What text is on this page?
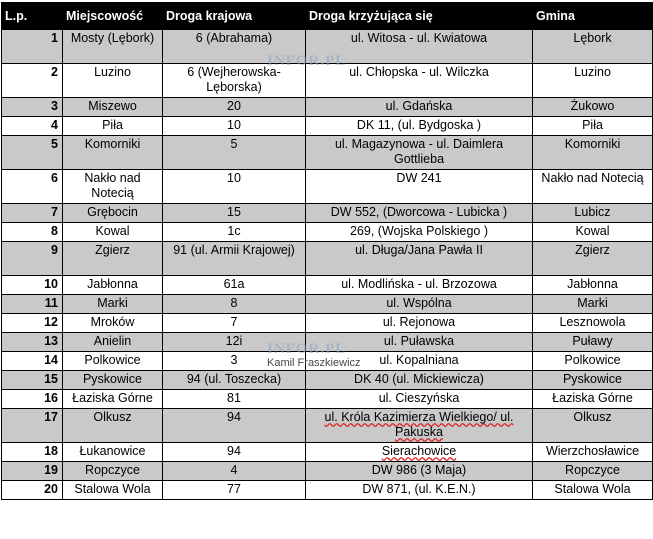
L.p.	Miejscowość	Droga krajowa	Droga krzyżująca się	Gmina
1	Mosty (Lębork)	6 (Abrahama)	ul. Witosa - ul. Kwiatowa	Lębork
2	Luzino	6 (Wejherowska-Lęborska)	ul. Chłopska - ul. Wilczka	Luzino
3	Miszewo	20	ul. Gdańska	Żukowo
4	Piła	10	DK 11, (ul. Bydgoska )	Piła
5	Komorniki	5	ul. Magazynowa - ul. Daimlera Gottlieba	Komorniki
6	Nakło nad Notecią	10	DW 241	Nakło nad Notecią
7	Grębocin	15	DW 552, (Dworcowa - Lubicka )	Lubicz
8	Kowal	1c	269, (Wojska Polskiego )	Kowal
9	Zgierz	91 (ul. Armii Krajowej)	ul. Długa/Jana Pawła II	Zgierz
10	Jabłonna	61a	ul. Modlińska - ul. Brzozowa	Jabłonna
11	Marki	8	ul. Wspólna	Marki
12	Mroków	7	ul. Rejonowa	Lesznowola
13	Anielin	12i	ul. Puławska	Puławy
14	Polkowice	3	ul. Kopalniana	Polkowice
15	Pyskowice	94 (ul. Toszecka)	DK 40 (ul. Mickiewicza)	Pyskowice
16	Łaziska Górne	81	ul. Cieszyńska	Łaziska Górne
17	Olkusz	94	ul. Króla Kazimierza Wielkiego/ ul. Pakuska	Olkusz
18	Łukanowice	94	Sierachowice	Wierzchosławice
19	Ropczyce	4	DW 986 (3 Maja)	Ropczyce
20	Stalowa Wola	77	DW 871, (ul. K.E.N.)	Stalowa Wola
INFOR.PL
INFOR.PL
Kamil Fraszkiewicz
